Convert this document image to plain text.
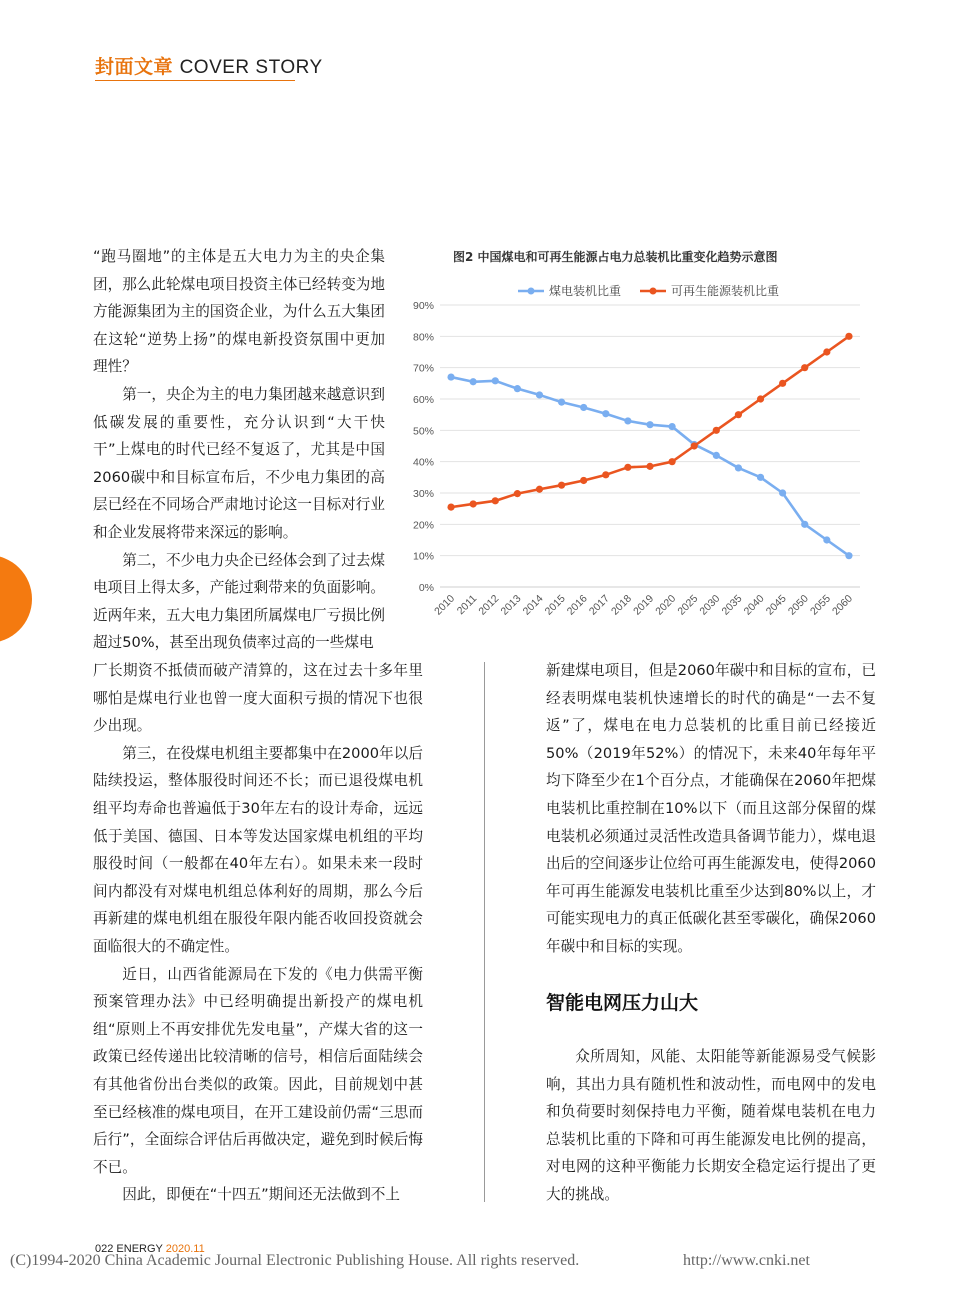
封面文章 COVER STORY

“跑马圈地”的主体是五大电力为主的央企集团，那么此轮煤电项目投资主体已经转变为地方能源集团为主的国资企业，为什么五大集团在这轮“逆势上扬”的煤电新投资氛围中更加理性？

第一，央企为主的电力集团越来越意识到低碳发展的重要性，充分认识到“大干快干”上煤电的时代已经不复返了，尤其是中国2060碳中和目标宣布后，不少电力集团的高层已经在不同场合严肃地讨论这一目标对行业和企业发展将带来深远的影响。

第二，不少电力央企已经体会到了过去煤电项目上得太多，产能过剩带来的负面影响。近两年来，五大电力集团所属煤电厂亏损比例超过50%，甚至出现负债率过高的一些煤电

图2 中国煤电和可再生能源占电力总装机比重变化趋势示意图
0%
10%
20%
30%
40%
50%
60%
70%
80%
90%
2010
2011
2012
2013
2014
2015
2016
2017
2018
2019
2020
2025
2030
2035
2040
2045
2050
2055
2060
煤电装机比重	可再生能源装机比重

厂长期资不抵债而破产清算的，这在过去十多年里哪怕是煤电行业也曾一度大面积亏损的情况下也很少出现。

第三，在役煤电机组主要都集中在2000年以后陆续投运，整体服役时间还不长；而已退役煤电机组平均寿命也普遍低于30年左右的设计寿命，远远低于美国、德国、日本等发达国家煤电机组的平均服役时间（一般都在40年左右）。如果未来一段时间内都没有对煤电机组总体利好的周期，那么今后再新建的煤电机组在服役年限内能否收回投资就会面临很大的不确定性。

近日，山西省能源局在下发的《电力供需平衡预案管理办法》中已经明确提出新投产的煤电机组“原则上不再安排优先发电量”，产煤大省的这一政策已经传递出比较清晰的信号，相信后面陆续会有其他省份出台类似的政策。因此，目前规划中甚至已经核准的煤电项目，在开工建设前仍需“三思而后行”，全面综合评估后再做决定，避免到时候后悔不已。

因此，即便在“十四五”期间还无法做到不上

新建煤电项目，但是2060年碳中和目标的宣布，已经表明煤电装机快速增长的时代的确是“一去不复返”了，煤电在电力总装机的比重目前已经接近50%（2019年52%）的情况下，未来40年每年平均下降至少在1个百分点，才能确保在2060年把煤电装机比重控制在10%以下（而且这部分保留的煤电装机必须通过灵活性改造具备调节能力），煤电退出后的空间逐步让位给可再生能源发电，使得2060年可再生能源发电装机比重至少达到80%以上，才可能实现电力的真正低碳化甚至零碳化，确保2060年碳中和目标的实现。

智能电网压力山大

众所周知，风能、太阳能等新能源易受气候影响，其出力具有随机性和波动性，而电网中的发电和负荷要时刻保持电力平衡，随着煤电装机在电力总装机比重的下降和可再生能源发电比例的提高，对电网的这种平衡能力长期安全稳定运行提出了更大的挑战。

022 ENERGY 2020.11
(C)1994-2020 China Academic Journal Electronic Publishing House. All rights reserved.	http://www.cnki.net
